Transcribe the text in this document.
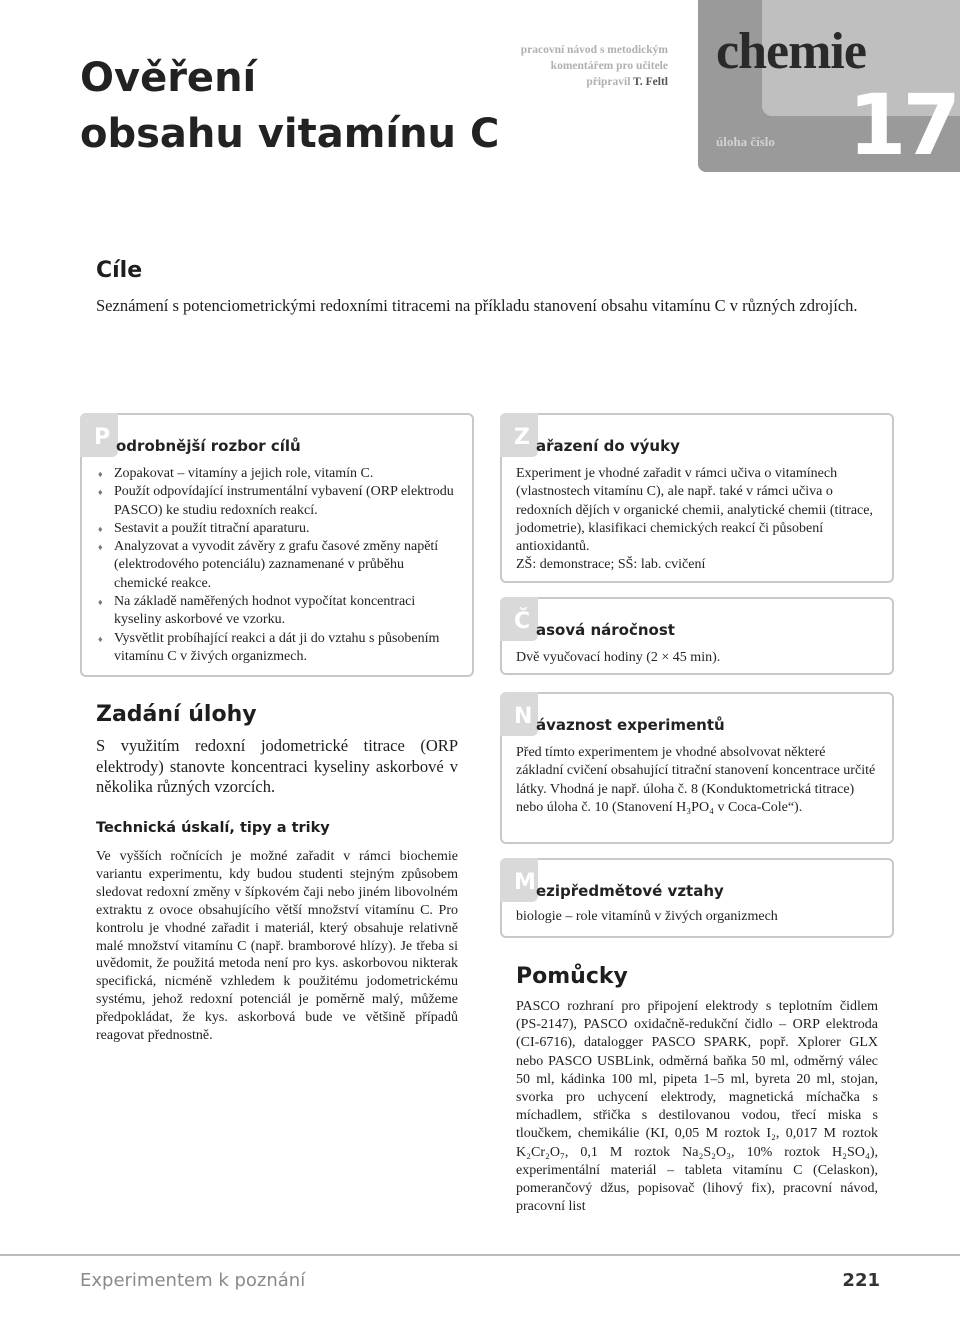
Ověření
obsahu vitamínu C
pracovní návod s metodickým
komentářem pro učitele
připravil T. Feltl
chemie
úloha číslo 17
Cíle
Seznámení s potenciometrickými redoxními titracemi na příkladu stanovení obsahu vitamínu C v různých zdrojích.
P odrobnější rozbor cílů
♦ Zopakovat – vitamíny a jejich role, vitamín C.
♦ Použít odpovídající instrumentální vybavení (ORP elektrodu PASCO) ke studiu redoxních reakcí.
♦ Sestavit a použít titrační aparaturu.
♦ Analyzovat a vyvodit závěry z grafu časové změny napětí (elektrodového potenciálu) zaznamenané v průběhu chemické reakce.
♦ Na základě naměřených hodnot vypočítat koncentraci kyseliny askorbové ve vzorku.
♦ Vysvětlit probíhající reakci a dát ji do vztahu s působením vitamínu C v živých organizmech.
Z ařazení do výuky
Experiment je vhodné zařadit v rámci učiva o vitamínech (vlastnostech vitamínu C), ale např. také v rámci učiva o redoxních dějích v organické chemii, analytické chemii (titrace, jodometrie), klasifikaci chemických reakcí či působení antioxidantů.
ZŠ: demonstrace; SŠ: lab. cvičení
Č asová náročnost
Dvě vyučovací hodiny (2 × 45 min).
Zadání úlohy
S využitím redoxní jodometrické titrace (ORP elektrody) stanovte koncentraci kyseliny askorbové v několika různých vzorcích.
Technická úskalí, tipy a triky
Ve vyšších ročnících je možné zařadit v rámci biochemie variantu experimentu, kdy budou studenti stejným způsobem sledovat redoxní změny v šípkovém čaji nebo jiném libovolném extraktu z ovoce obsahujícího větší množství vitamínu C. Pro kontrolu je vhodné zařadit i materiál, který obsahuje relativně malé množství vitamínu C (např. bramborové hlízy). Je třeba si uvědomit, že použitá metoda není pro kys. askorbovou nikterak specifická, nicméně vzhledem k použitému jodometrickému systému, jehož redoxní potenciál je poměrně malý, můžeme předpokládat, že kys. askorbová bude ve většině případů reagovat přednostně.
N ávaznost experimentů
Před tímto experimentem je vhodné absolvovat některé základní cvičení obsahující titrační stanovení koncentrace určité látky. Vhodná je např. úloha č. 8 (Konduktometrická titrace) nebo úloha č. 10 (Stanovení H₃PO₄ v Coca-Cole“).
M ezipředmětové vztahy
biologie – role vitamínů v živých organizmech
Pomůcky
PASCO rozhraní pro připojení elektrody s teplotním čidlem (PS-2147), PASCO oxidačně-redukční čidlo – ORP elektroda (CI-6716), datalogger PASCO SPARK, popř. Xplorer GLX nebo PASCO USBLink, odměrná baňka 50 ml, odměrný válec 50 ml, kádinka 100 ml, pipeta 1–5 ml, byreta 20 ml, stojan, svorka pro uchycení elektrody, magnetická míchačka s míchadlem, střička s destilovanou vodou, třecí miska s tloučkem, chemikálie (KI, 0,05 M roztok I₂, 0,017 M roztok K₂Cr₂O₇, 0,1 M roztok Na₂S₂O₃, 10% roztok H₂SO₄), experimentální materiál – tableta vitamínu C (Celaskon), pomerančový džus, popisovač (lihový fix), pracovní návod, pracovní list
Experimentem k poznání	221
